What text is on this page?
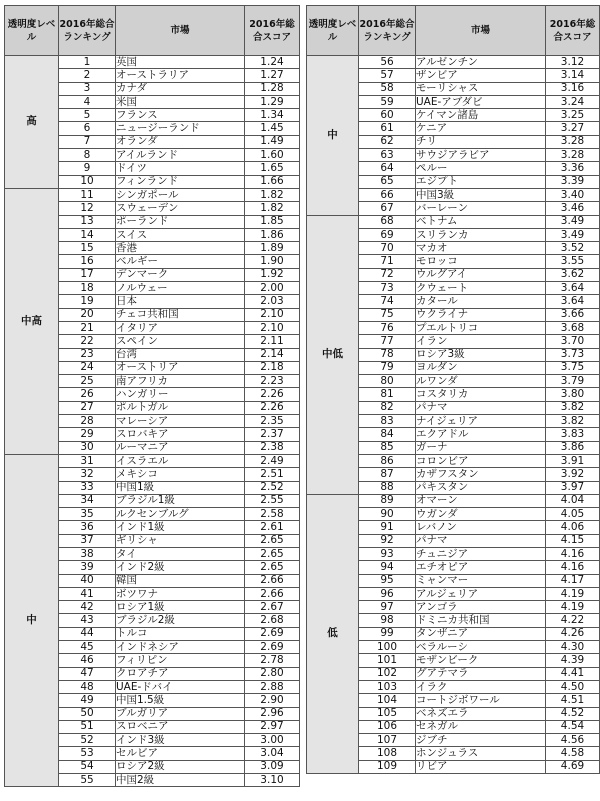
透明度レベル	2016年総合ランキング	市場	2016年総合スコア
高	1	英国	1.24
	2	オーストラリア	1.27
	3	カナダ	1.28
	4	米国	1.29
	5	フランス	1.34
	6	ニュージーランド	1.45
	7	オランダ	1.49
	8	アイルランド	1.60
	9	ドイツ	1.65
	10	フィンランド	1.66
中高	11	シンガポール	1.82
	12	スウェーデン	1.82
	13	ポーランド	1.85
	14	スイス	1.86
	15	香港	1.89
	16	ベルギー	1.90
	17	デンマーク	1.92
	18	ノルウェー	2.00
	19	日本	2.03
	20	チェコ共和国	2.10
	21	イタリア	2.10
	22	スペイン	2.11
	23	台湾	2.14
	24	オーストリア	2.18
	25	南アフリカ	2.23
	26	ハンガリー	2.26
	27	ポルトガル	2.26
	28	マレーシア	2.35
	29	スロバキア	2.37
	30	ルーマニア	2.38
中	31	イスラエル	2.49
	32	メキシコ	2.51
	33	中国1級	2.52
	34	ブラジル1級	2.55
	35	ルクセンブルグ	2.58
	36	インド1級	2.61
	37	ギリシャ	2.65
	38	タイ	2.65
	39	インド2級	2.65
	40	韓国	2.66
	41	ボツワナ	2.66
	42	ロシア1級	2.67
	43	ブラジル2級	2.68
	44	トルコ	2.69
	45	インドネシア	2.69
	46	フィリピン	2.78
	47	クロアチア	2.80
	48	UAE-ドバイ	2.88
	49	中国1.5級	2.90
	50	ブルガリア	2.96
	51	スロベニア	2.97
	52	インド3級	3.00
	53	セルビア	3.04
	54	ロシア2級	3.09
	55	中国2級	3.10
透明度レベル	2016年総合ランキング	市場	2016年総合スコア
中	56	アルゼンチン	3.12
	57	ザンビア	3.14
	58	モーリシャス	3.16
	59	UAE-アブダビ	3.24
	60	ケイマン諸島	3.25
	61	ケニア	3.27
	62	チリ	3.28
	63	サウジアラビア	3.28
	64	ペルー	3.36
	65	エジプト	3.39
	66	中国3級	3.40
	67	バーレーン	3.46
中低	68	ベトナム	3.49
	69	スリランカ	3.49
	70	マカオ	3.52
	71	モロッコ	3.55
	72	ウルグアイ	3.62
	73	クウェート	3.64
	74	カタール	3.64
	75	ウクライナ	3.66
	76	プエルトリコ	3.68
	77	イラン	3.70
	78	ロシア3級	3.73
	79	ヨルダン	3.75
	80	ルワンダ	3.79
	81	コスタリカ	3.80
	82	パナマ	3.82
	83	ナイジェリア	3.82
	84	エクアドル	3.83
	85	ガーナ	3.86
	86	コロンビア	3.91
	87	カザフスタン	3.92
	88	パキスタン	3.97
低	89	オマーン	4.04
	90	ウガンダ	4.05
	91	レバノン	4.06
	92	パナマ	4.15
	93	チュニジア	4.16
	94	エチオピア	4.16
	95	ミャンマー	4.17
	96	アルジェリア	4.19
	97	アンゴラ	4.19
	98	ドミニカ共和国	4.22
	99	タンザニア	4.26
	100	ベラルーシ	4.30
	101	モザンビーク	4.39
	102	グアテマラ	4.41
	103	イラク	4.50
	104	コートジボワール	4.51
	105	ベネズエラ	4.52
	106	セネガル	4.54
	107	ジブチ	4.56
	108	ホンジュラス	4.58
	109	リビア	4.69
